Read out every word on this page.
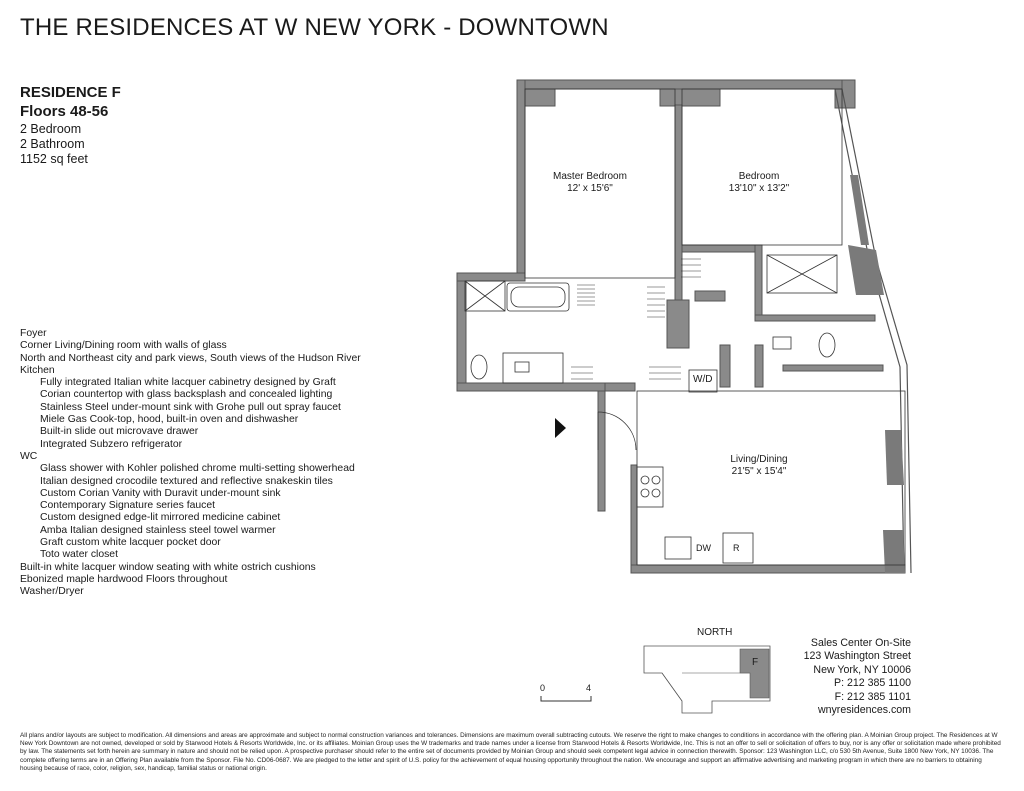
THE RESIDENCES AT W NEW YORK - DOWNTOWN
RESIDENCE F
Floors 48-56
2 Bedroom
2 Bathroom
1152 sq feet
Foyer
Corner Living/Dining room with walls of glass
North and Northeast city and park views, South views of the Hudson River
Kitchen
Fully integrated Italian white lacquer cabinetry designed by Graft
Corian countertop with glass backsplash and concealed lighting
Stainless Steel under-mount sink with Grohe pull out spray faucet
Miele Gas Cook-top, hood, built-in oven and dishwasher
Built-in slide out microvave drawer
Integrated Subzero refrigerator
WC
Glass shower with Kohler polished chrome multi-setting showerhead
Italian designed crocodile textured and reflective snakeskin tiles
Custom Corian Vanity with Duravit under-mount sink
Contemporary Signature series faucet
Custom designed edge-lit mirrored medicine cabinet
Amba Italian designed stainless steel towel warmer
Graft custom white lacquer pocket door
Toto water closet
Built-in white lacquer window seating with white ostrich cushions
Ebonized maple hardwood Floors throughout
Washer/Dryer
Master Bedroom
12' x 15'6"
Bedroom
13'10" x 13'2"
Living/Dining
21'5" x 15'4"
W/D
DW R
NORTH
F
0	4
Sales Center On-Site
123 Washington Street
New York, NY 10006
P: 212 385 1100
F: 212 385 1101
wnyresidences.com
All plans and/or layouts are subject to modification. All dimensions and areas are approximate and subject to normal construction variances and tolerances. Dimensions are maximum overall subtracting cutouts. We reserve the right to make changes to conditions in accordance with the offering plan. A Moinian Group project. The Residences at W New York Downtown are not owned, developed or sold by Starwood Hotels & Resorts Worldwide, Inc. or its affiliates. Moinian Group uses the W trademarks and trade names under a license from Starwood Hotels & Resorts Worldwide, Inc. This is not an offer to sell or solicitation of offers to buy, nor is any offer or solicitation made where prohibited by law. The statements set forth herein are summary in nature and should not be relied upon. A prospective purchaser should refer to the entire set of documents provided by Moinian Group and should seek competent legal advice in connection therewith. Sponsor: 123 Washington LLC, c/o 530 5th Avenue, Suite 1800 New York, NY 10036. The complete offering terms are in an Offering Plan available from the Sponsor. File No. CD06-0687. We are pledged to the letter and spirit of U.S. policy for the achievement of equal housing opportunity throughout the nation. We encourage and support an affirmative advertising and marketing program in which there are no barriers to obtaining housing because of race, color, religion, sex, handicap, familial status or national origin.
